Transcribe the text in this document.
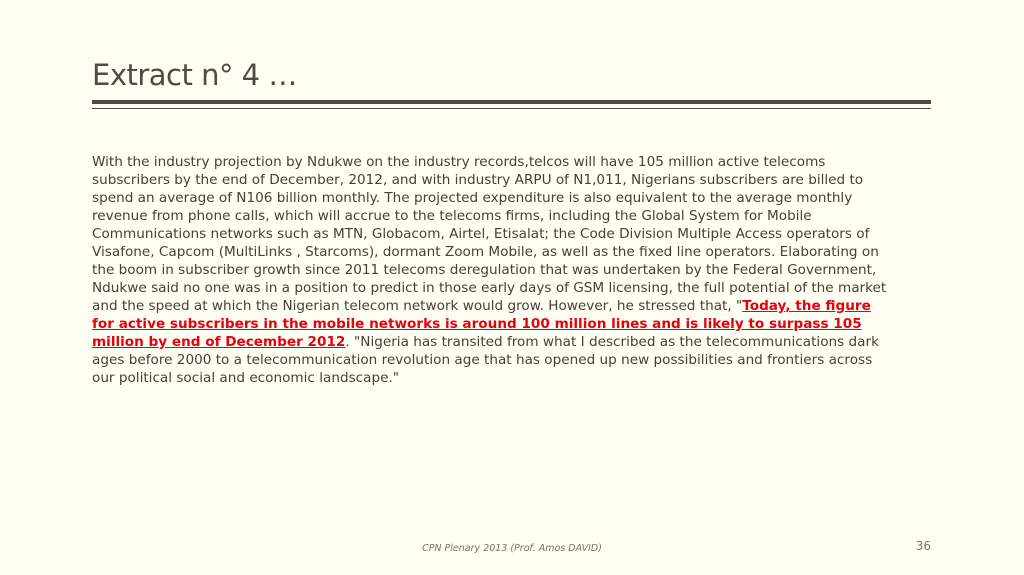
Extract n° 4 …
With the industry projection by Ndukwe on the industry records,telcos will have 105 million active telecoms subscribers by the end of December, 2012, and with industry ARPU of N1,011, Nigerians subscribers are billed to spend an average of N106 billion monthly. The projected expenditure is also equivalent to the average monthly revenue from phone calls, which will accrue to the telecoms firms, including the Global System for Mobile Communications networks such as MTN, Globacom, Airtel, Etisalat; the Code Division Multiple Access operators of Visafone, Capcom (MultiLinks , Starcoms), dormant Zoom Mobile, as well as the fixed line operators. Elaborating on the boom in subscriber growth since 2011 telecoms deregulation that was undertaken by the Federal Government, Ndukwe said no one was in a position to predict in those early days of GSM licensing, the full potential of the market and the speed at which the Nigerian telecom network would grow. However, he stressed that, "Today, the figure for active subscribers in the mobile networks is around 100 million lines and is likely to surpass 105 million by end of December 2012. "Nigeria has transited from what I described as the telecommunications dark ages before 2000 to a telecommunication revolution age that has opened up new possibilities and frontiers across our political social and economic landscape."
CPN Plenary 2013 (Prof. Amos DAVID)	36
